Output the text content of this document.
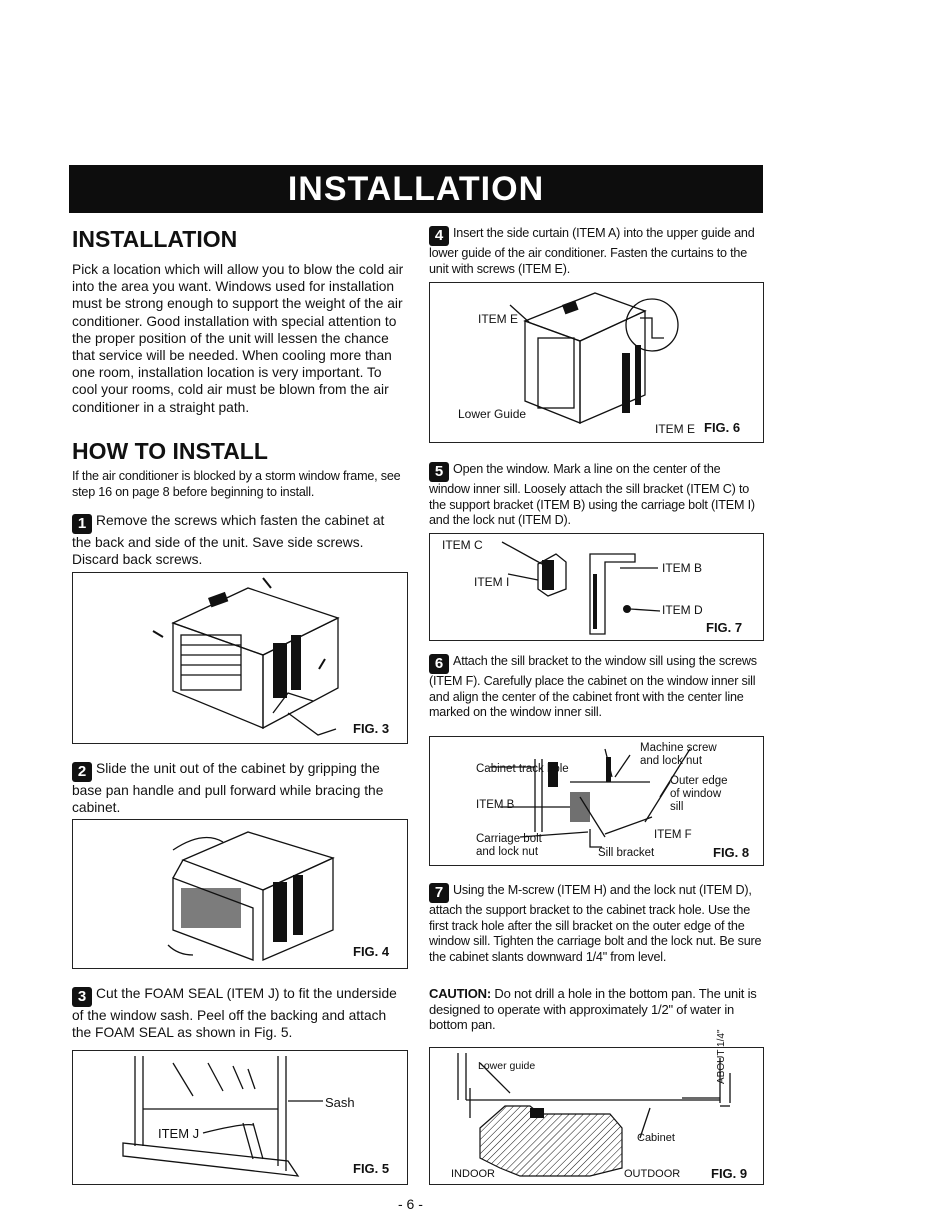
INSTALLATION
INSTALLATION

Pick a location which will allow you to blow the cold air into the area you want. Windows used for installation must be strong enough to support the weight of the air conditioner. Good installation with special attention to the proper position of the unit will lessen the chance that service will be needed. When cooling more than one room, installation location is very important. To cool your rooms, cold air must be blown from the air conditioner in a straight path.

HOW TO INSTALL

If the air conditioner is blocked by a storm window frame, see step 16 on page 8 before beginning to install.

1 Remove the screws which fasten the cabinet at the back and side of the unit. Save side screws. Discard back screws.

FIG. 3

2 Slide the unit out of the cabinet by gripping the base pan handle and pull forward while bracing the cabinet.

FIG. 4

3 Cut the FOAM SEAL (ITEM J) to fit the underside of the window sash. Peel off the backing and attach the FOAM SEAL as shown in Fig. 5.

Sash
ITEM J
FIG. 5

4 Insert the side curtain (ITEM A) into the upper guide and lower guide of the air conditioner. Fasten the curtains to the unit with screws (ITEM E).

ITEM E
Lower Guide
ITEM E FIG. 6

5 Open the window. Mark a line on the center of the window inner sill. Loosely attach the sill bracket (ITEM C) to the support bracket (ITEM B) using the carriage bolt (ITEM I) and the lock nut (ITEM D).

ITEM C
ITEM I
ITEM B
ITEM D
FIG. 7

6 Attach the sill bracket to the window sill using the screws (ITEM F). Carefully place the cabinet on the window inner sill and align the center of the cabinet front with the center line marked on the window inner sill.

Cabinet track hole
ITEM B
Carriage bolt and lock nut
Machine screw and lock nut
Outer edge of window sill
ITEM F
Sill bracket	FIG. 8

7 Using the M-screw (ITEM H) and the lock nut (ITEM D), attach the support bracket to the cabinet track hole. Use the first track hole after the sill bracket on the outer edge of the window sill. Tighten the carriage bolt and the lock nut. Be sure the cabinet slants downward 1/4" from level.

CAUTION: Do not drill a hole in the bottom pan. The unit is designed to operate with approximately 1/2" of water in bottom pan.

Lower guide
Cabinet
INDOOR	OUTDOOR
ABOUT 1/4"
FIG. 9
- 6 -
